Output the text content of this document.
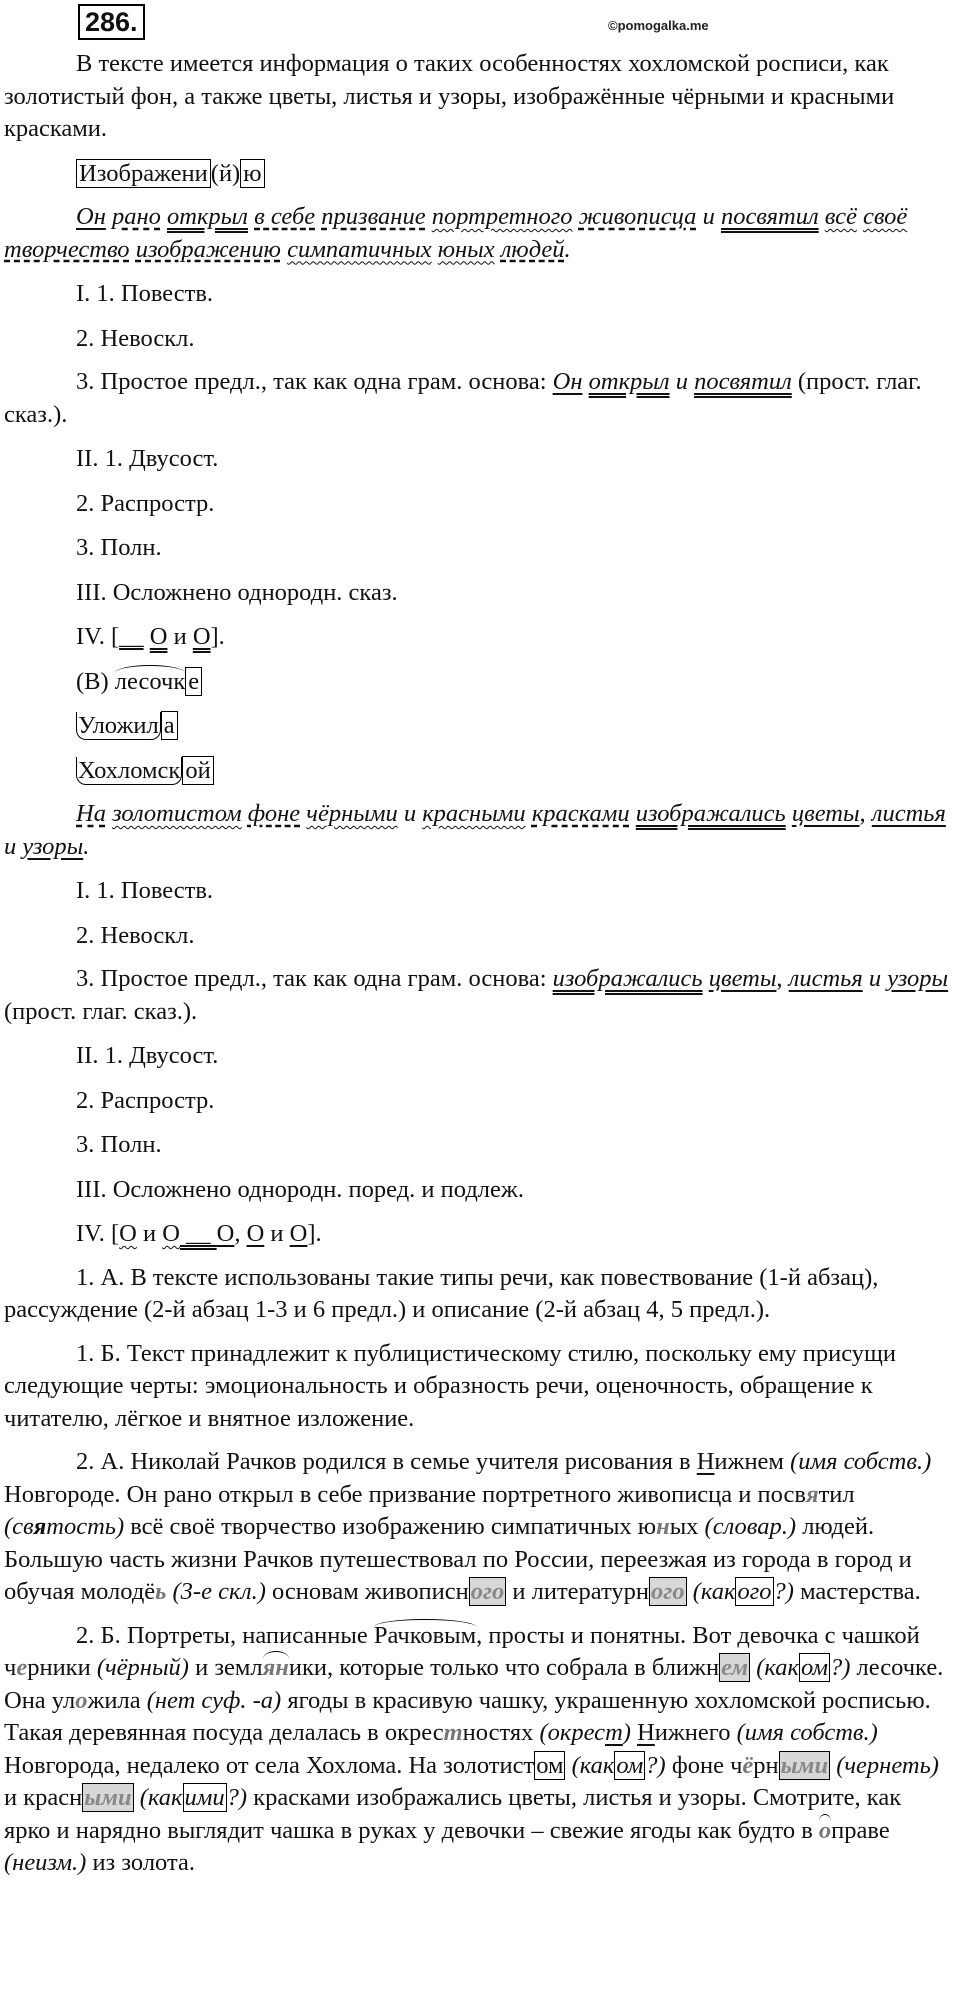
286.	©pomogalka.me

В тексте имеется информация о таких особенностях хохломской росписи, как золотистый фон, а также цветы, листья и узоры, изображённые чёрными и красными красками.

Изображени (й) ю

Он рано открыл в себе призвание портретного живописца и посвятил всё своё творчество изображению симпатичных юных людей.

I. 1. Повеств.

2. Невоскл.

3. Простое предл., так как одна грам. основа: Он открыл и посвятил (прост. глаг. сказ.).

II. 1. Двусост.

2. Распростр.

3. Полн.

III. Осложнено однородн. сказ.

IV. [__ O и O].

(В) лесочк е

Уложил а

Хохломск ой

На золотистом фоне чёрными и красными красками изображались цветы, листья и узоры.

I. 1. Повеств.

2. Невоскл.

3. Простое предл., так как одна грам. основа: изображались цветы, листья и узоры (прост. глаг. сказ.).

II. 1. Двусост.

2. Распростр.

3. Полн.

III. Осложнено однородн. поред. и подлеж.

IV. [O и O __ O, O и O].

1. А. В тексте использованы такие типы речи, как повествование (1-й абзац), рассуждение (2-й абзац 1-3 и 6 предл.) и описание (2-й абзац 4, 5 предл.).

1. Б. Текст принадлежит к публицистическому стилю, поскольку ему присущи следующие черты: эмоциональность и образность речи, оценочность, обращение к читателю, лёгкое и внятное изложение.

2. А. Николай Рачков родился в семье учителя рисования в Нижнем (имя собств.) Новгороде. Он рано открыл в себе призвание портретного живописца и посвятил (святость) всё своё творчество изображению симпатичных юных (словар.) людей. Большую часть жизни Рачков путешествовал по России, переезжая из города в город и обучая молодёь (3-е скл.) основам живописного и литературного (какого?) мастерства.

2. Б. Портреты, написанные Рачковым, просты и понятны. Вот девочка с чашкой черники (чёрный) и земляники, которые только что собрала в ближнем (каком?) лесочке. Она уложила (нет суф. -а) ягоды в красивую чашку, украшенную хохломской росписью. Такая деревянная посуда делалась в окрестностях (окрест) Нижнего (имя собств.) Новгорода, недалеко от села Хохлома. На золотистом (каком?) фоне чёрными (чернеть) и красными (какими?) красками изображались цветы, листья и узоры. Смотрите, как ярко и нарядно выглядит чашка в руках у девочки – свежие ягоды как будто в оправе (неизм.) из золота.
